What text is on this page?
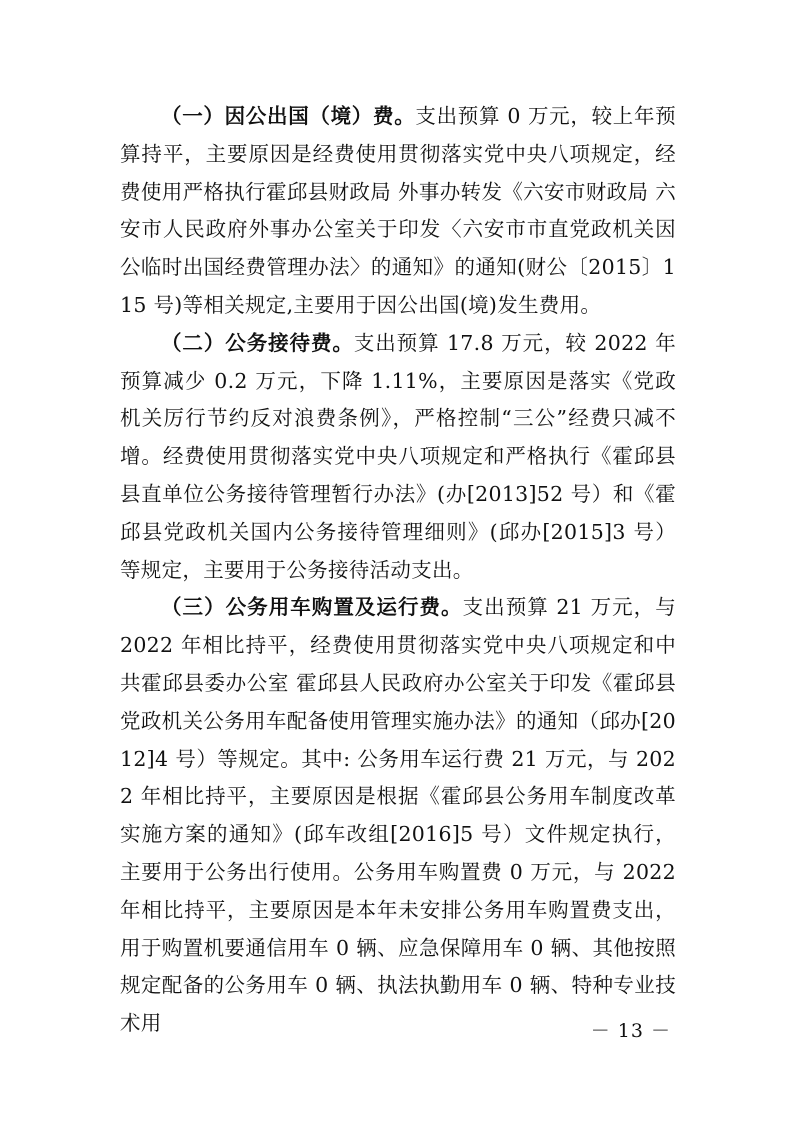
（一）因公出国（境）费。支出预算 0 万元，较上年预算持平，主要原因是经费使用贯彻落实党中央八项规定，经费使用严格执行霍邱县财政局 外事办转发《六安市财政局 六安市人民政府外事办公室关于印发〈六安市市直党政机关因公临时出国经费管理办法〉的通知》的通知(财公〔2015〕115 号)等相关规定,主要用于因公出国(境)发生费用。

（二）公务接待费。支出预算 17.8 万元，较 2022 年预算减少 0.2 万元，下降 1.11%，主要原因是落实《党政机关厉行节约反对浪费条例》，严格控制“三公”经费只减不增。经费使用贯彻落实党中央八项规定和严格执行《霍邱县县直单位公务接待管理暂行办法》(办[2013]52 号）和《霍邱县党政机关国内公务接待管理细则》(邱办[2015]3 号）等规定，主要用于公务接待活动支出。

（三）公务用车购置及运行费。支出预算 21 万元，与 2022 年相比持平，经费使用贯彻落实党中央八项规定和中共霍邱县委办公室 霍邱县人民政府办公室关于印发《霍邱县党政机关公务用车配备使用管理实施办法》的通知（邱办[2012]4 号）等规定。其中: 公务用车运行费 21 万元，与 2022 年相比持平，主要原因是根据《霍邱县公务用车制度改革实施方案的通知》(邱车改组[2016]5 号）文件规定执行，主要用于公务出行使用。公务用车购置费 0 万元，与 2022 年相比持平，主要原因是本年未安排公务用车购置费支出，用于购置机要通信用车 0 辆、应急保障用车 0 辆、其他按照规定配备的公务用车 0 辆、执法执勤用车 0 辆、特种专业技术用	－ 13 －
